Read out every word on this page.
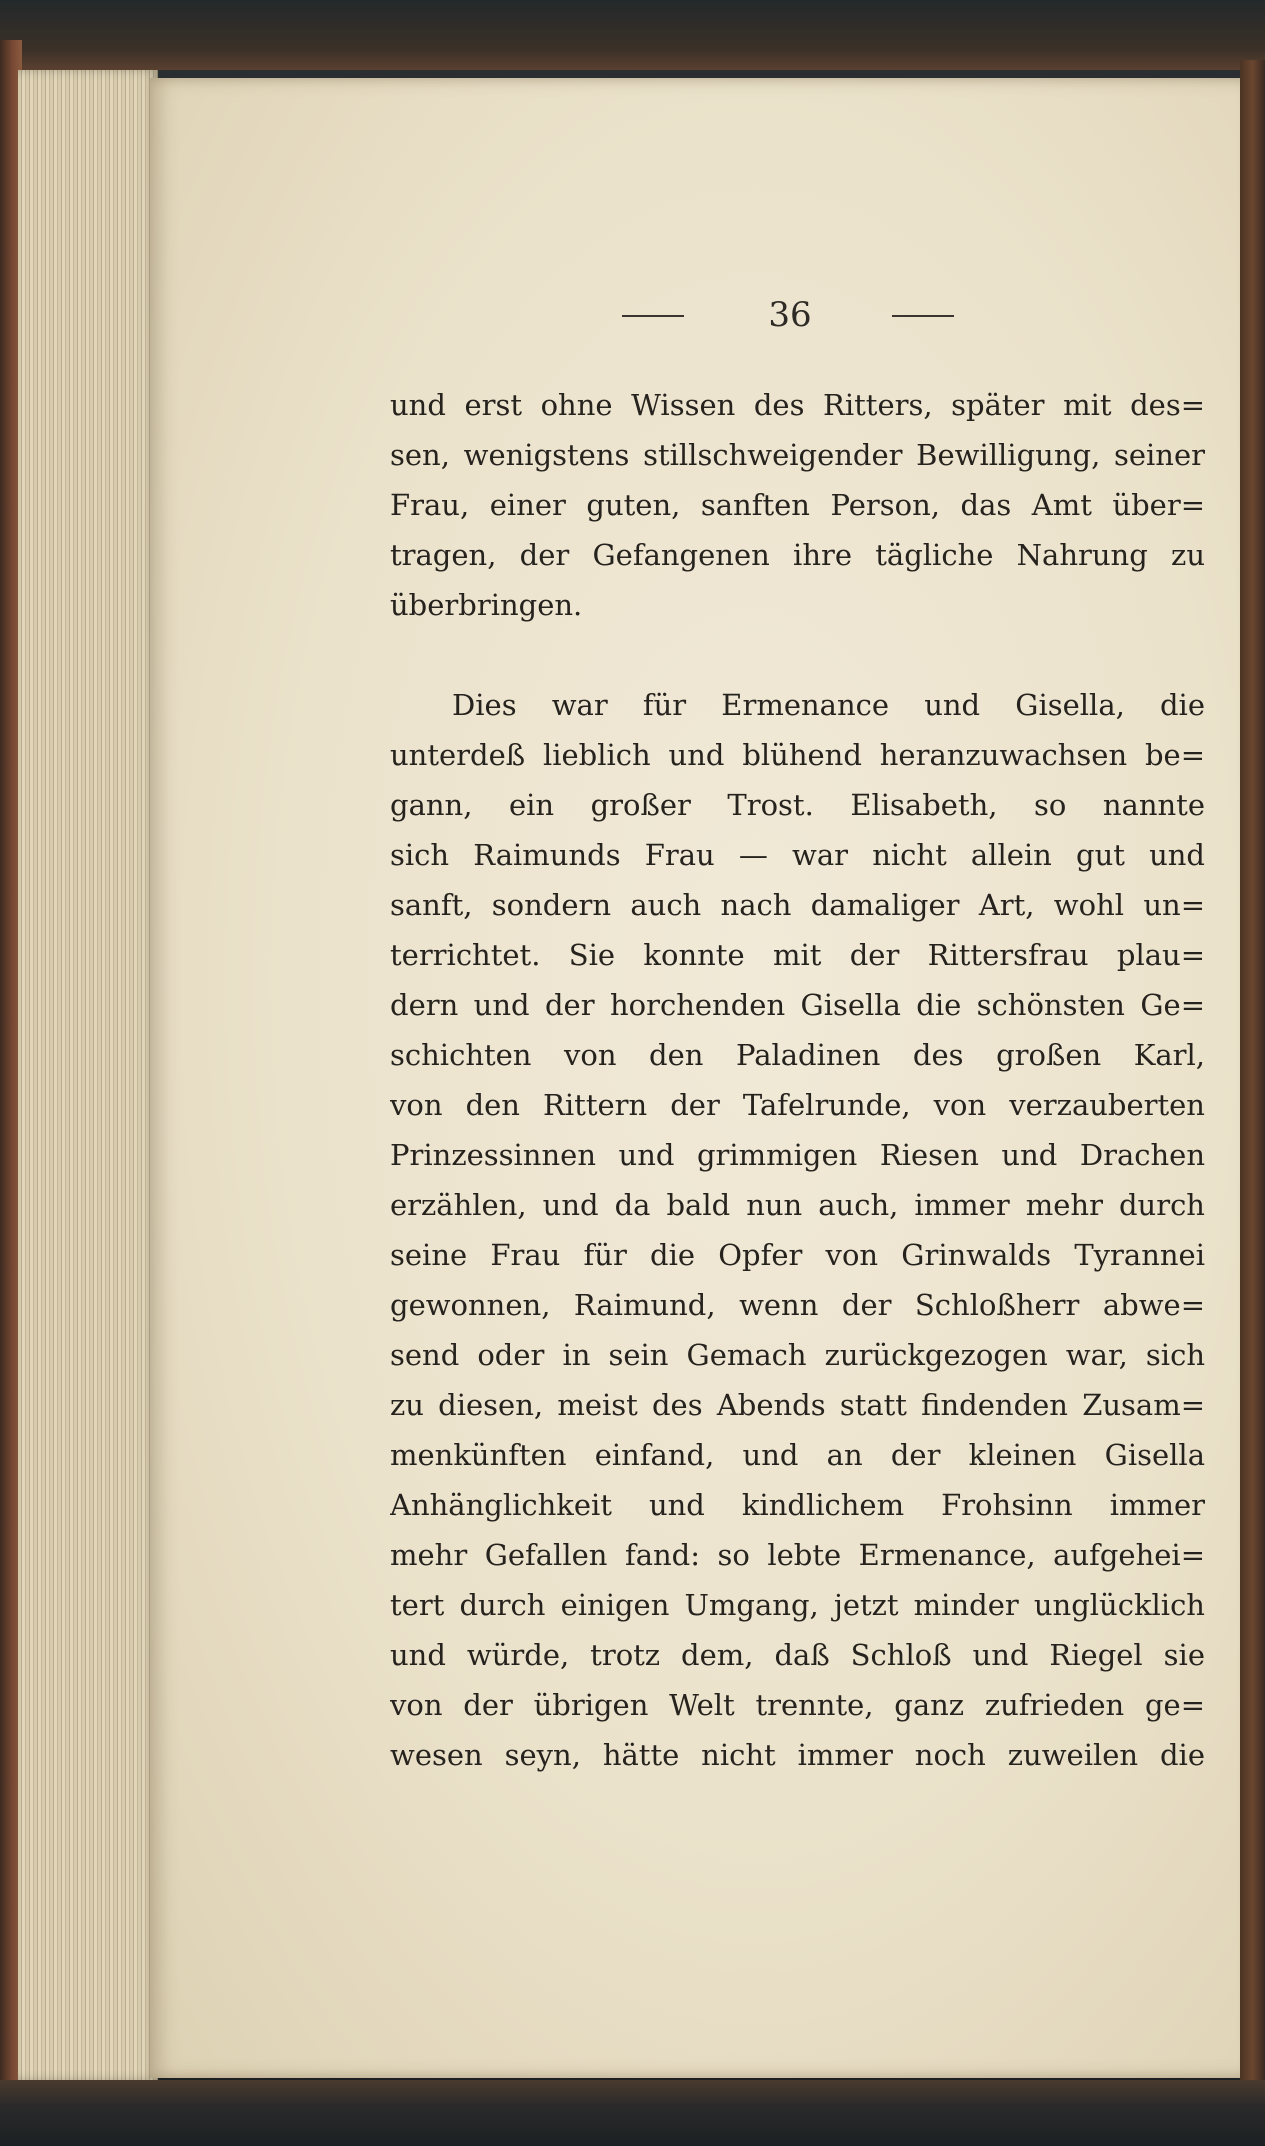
36
und erst ohne Wissen des Ritters, später mit des=
sen, wenigstens stillschweigender Bewilligung, seiner
Frau, einer guten, sanften Person, das Amt über=
tragen, der Gefangenen ihre tägliche Nahrung zu
überbringen.
Dies war für Ermenance und Gisella, die
unterdeß lieblich und blühend heranzuwachsen be=
gann, ein großer Trost. Elisabeth, so nannte
sich Raimunds Frau — war nicht allein gut und
sanft, sondern auch nach damaliger Art, wohl un=
terrichtet. Sie konnte mit der Rittersfrau plau=
dern und der horchenden Gisella die schönsten Ge=
schichten von den Paladinen des großen Karl,
von den Rittern der Tafelrunde, von verzauberten
Prinzessinnen und grimmigen Riesen und Drachen
erzählen, und da bald nun auch, immer mehr durch
seine Frau für die Opfer von Grinwalds Tyrannei
gewonnen, Raimund, wenn der Schloßherr abwe=
send oder in sein Gemach zurückgezogen war, sich
zu diesen, meist des Abends statt findenden Zusam=
menkünften einfand, und an der kleinen Gisella
Anhänglichkeit und kindlichem Frohsinn immer
mehr Gefallen fand: so lebte Ermenance, aufgehei=
tert durch einigen Umgang, jetzt minder unglücklich
und würde, trotz dem, daß Schloß und Riegel sie
von der übrigen Welt trennte, ganz zufrieden ge=
wesen seyn, hätte nicht immer noch zuweilen die
